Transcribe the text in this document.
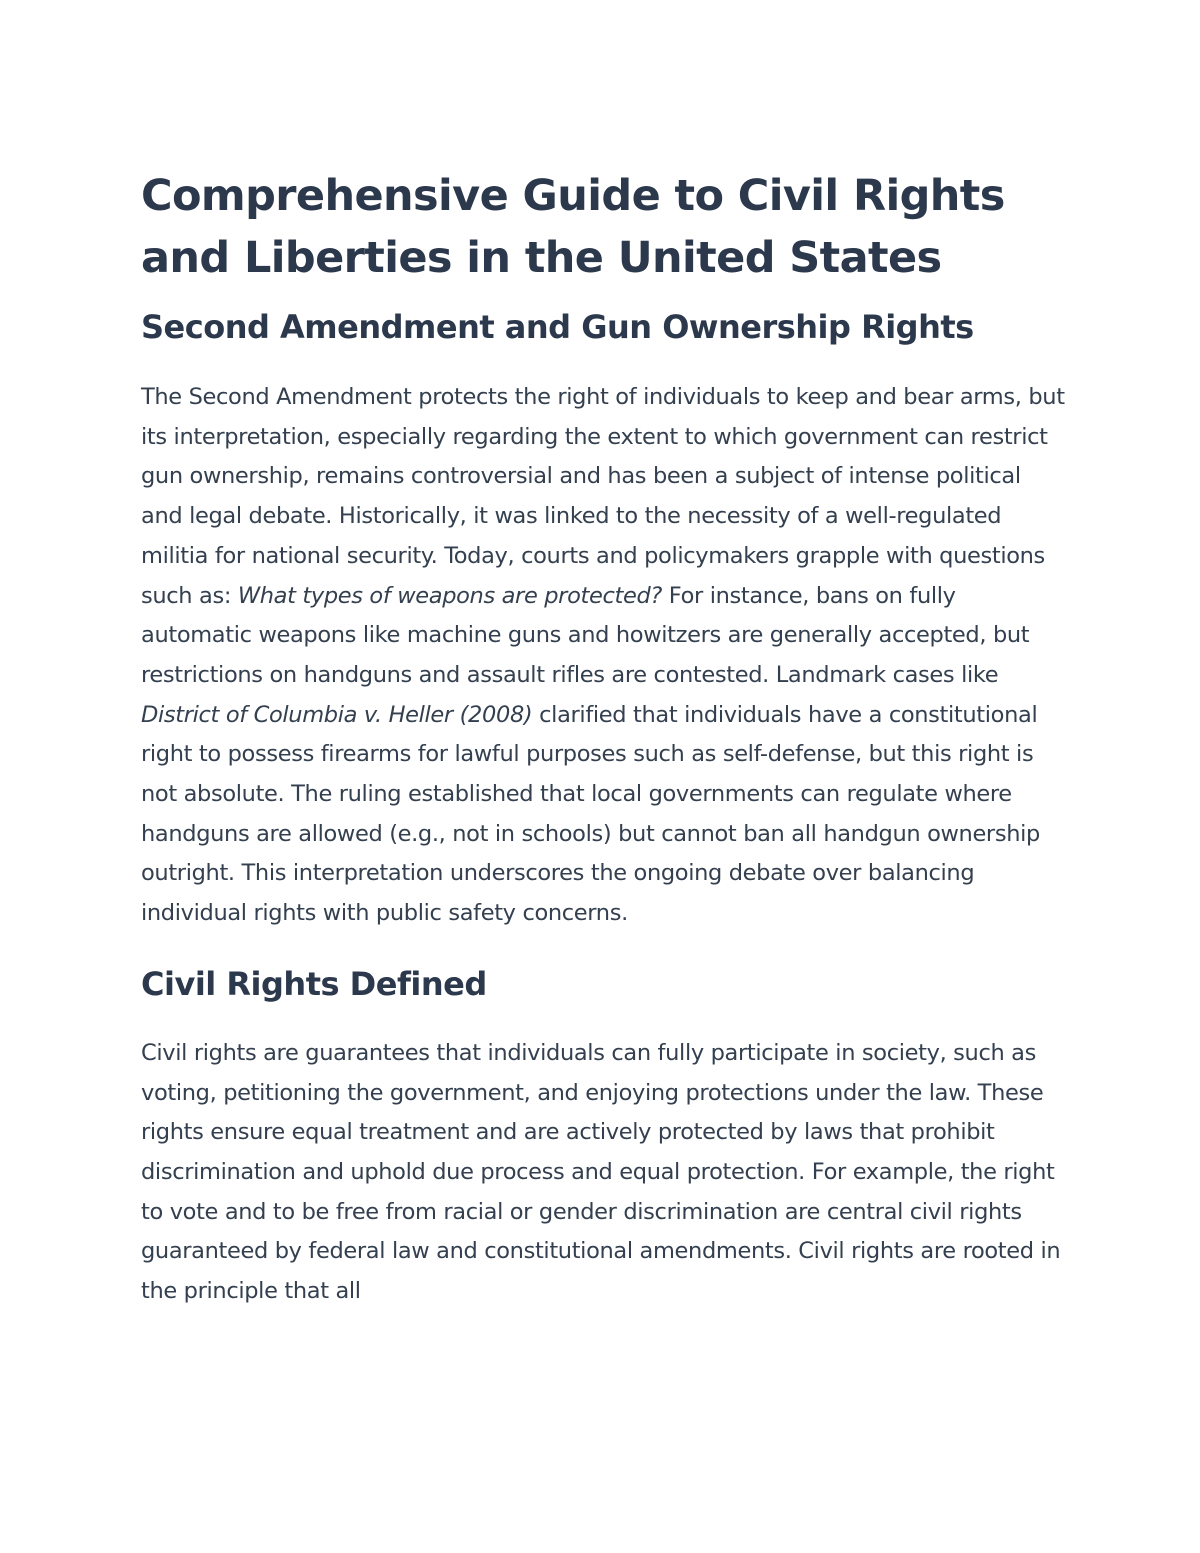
Comprehensive Guide to Civil Rights and Liberties in the United States
Second Amendment and Gun Ownership Rights

The Second Amendment protects the right of individuals to keep and bear arms, but its interpretation, especially regarding the extent to which government can restrict gun ownership, remains controversial and has been a subject of intense political and legal debate. Historically, it was linked to the necessity of a well-regulated militia for national security. Today, courts and policymakers grapple with questions such as: What types of weapons are protected? For instance, bans on fully automatic weapons like machine guns and howitzers are generally accepted, but restrictions on handguns and assault rifles are contested. Landmark cases like District of Columbia v. Heller (2008) clarified that individuals have a constitutional right to possess firearms for lawful purposes such as self-defense, but this right is not absolute. The ruling established that local governments can regulate where handguns are allowed (e.g., not in schools) but cannot ban all handgun ownership outright. This interpretation underscores the ongoing debate over balancing individual rights with public safety concerns.

Civil Rights Defined

Civil rights are guarantees that individuals can fully participate in society, such as voting, petitioning the government, and enjoying protections under the law. These rights ensure equal treatment and are actively protected by laws that prohibit discrimination and uphold due process and equal protection. For example, the right to vote and to be free from racial or gender discrimination are central civil rights guaranteed by federal law and constitutional amendments. Civil rights are rooted in the principle that all
